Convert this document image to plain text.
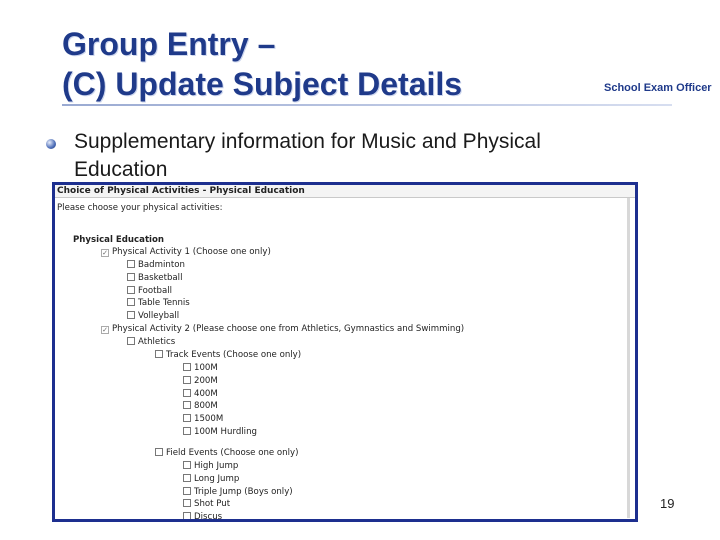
Group Entry –
(C) Update Subject Details	School Exam Officer
Supplementary information for Music and Physical Education
Choice of Physical Activities - Physical Education
Please choose your physical activities:
Physical Education
✓ Physical Activity 1 (Choose one only)
Badminton
Basketball
Football
Table Tennis
Volleyball
✓ Physical Activity 2 (Please choose one from Athletics, Gymnastics and Swimming)
Athletics
Track Events (Choose one only)
100M
200M
400M
800M
1500M
100M Hurdling
Field Events (Choose one only)
High Jump
Long Jump
Triple Jump (Boys only)
Shot Put
Discus
19
